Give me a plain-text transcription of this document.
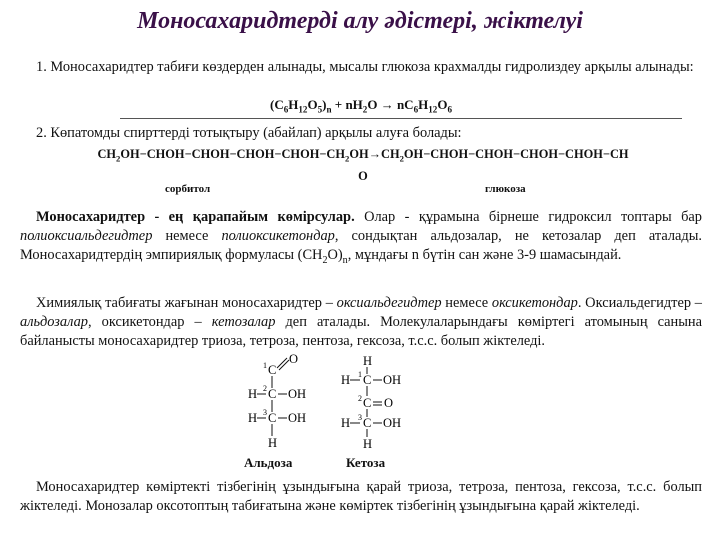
Моносахаридтерді алу әдістері, жіктелуі
1. Моносахаридтер табиғи көздерден алынады, мысалы глюкоза крахмалды гидролиздеу арқылы алынады:
$(C_6H_{12}O_5)_n + nH_2O \to nC_6H_{12}O_6$
2. Көпатомды спирттерді тотықтыру (абайлап) арқылы алуға болады:
$CH_2OH-CHOH-CHOH-CHOH-CHOH-CH_2OH\to CH_2OH-CHOH-CHOH-CHOH-CHOH-CH$
O
сорбитол	глюкоза
Моносахаридтер - ең қарапайым көмірсулар. Олар - құрамына бірнеше гидроксил топтары бар полиоксиальдегидтер немесе полиоксикетондар, сондықтан альдозалар, не кетозалар деп аталады. Моносахаридтердің эмпириялық формуласы $(CH_2O)_n$, мұндағы n бүтін сан және 3-9 шамасындай.
Химиялық табиғаты жағынан моносахаридтер – оксиальдегидтер немесе оксикетондар. Оксиальдегидтер – альдозалар, оксикетондар – кетозалар деп аталады. Молекулаларындағы көміртегі атомының санына байланысты моносахаридтер триоза, тетроза, пентоза, гексоза, т.с.с. болып жіктеледі.
1 C
O
H 2 C OH
H 3 C OH
H
H
H 1 C OH
2 C O
H 3 C OH
H
Альдоза	Кетоза
Моносахаридтер көміртекті тізбегінің ұзындығына қарай триоза, тетроза, пентоза, гексоза, т.с.с. болып жіктеледі. Монозалар оксотоптың табиғатына және көміртек тізбегінің ұзындығына қарай жіктеледі.
